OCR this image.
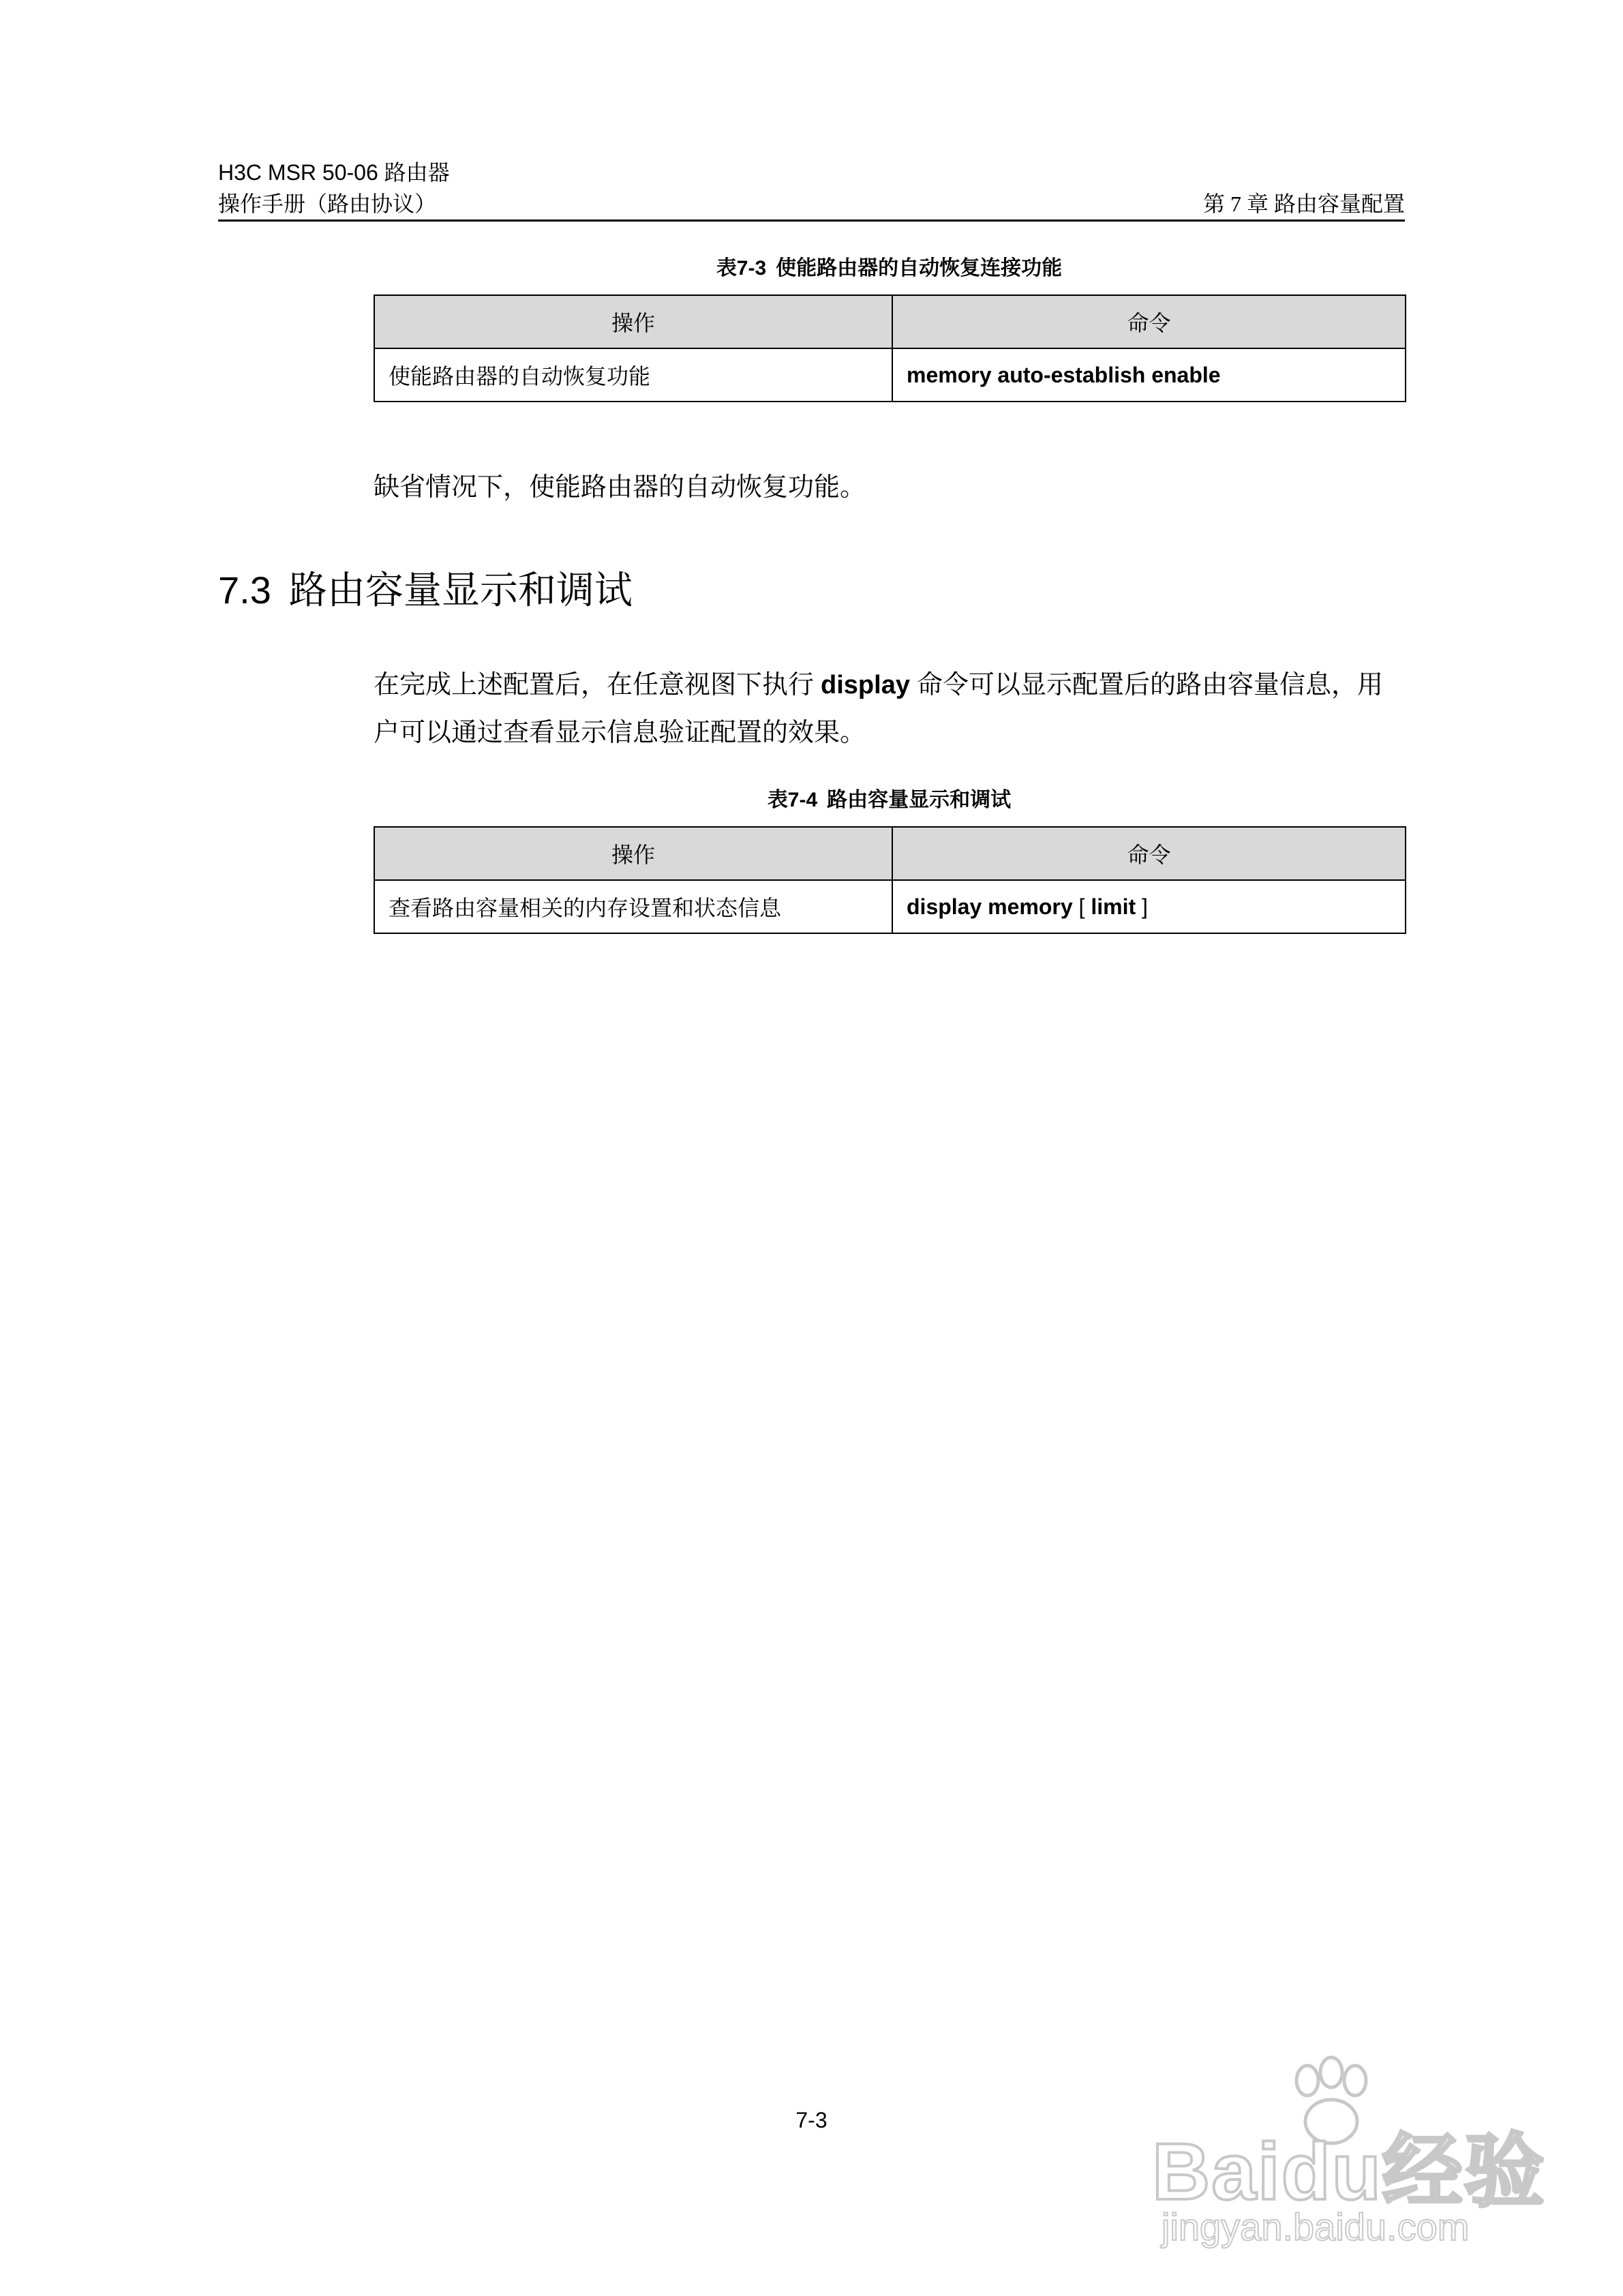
H3C MSR 50-06 路由器
操作手册（路由协议）	第 7 章 路由容量配置
表7-3 使能路由器的自动恢复连接功能
操作	命令
使能路由器的自动恢复功能	memory auto-establish enable
缺省情况下，使能路由器的自动恢复功能。
7.3 路由容量显示和调试
在完成上述配置后，在任意视图下执行 display 命令可以显示配置后的路由容量信息，用户可以通过查看显示信息验证配置的效果。
表7-4 路由容量显示和调试
操作	命令
查看路由容量相关的内存设置和状态信息	display memory [ limit ]
7-3
Baidu经验
jingyan.baidu.com
